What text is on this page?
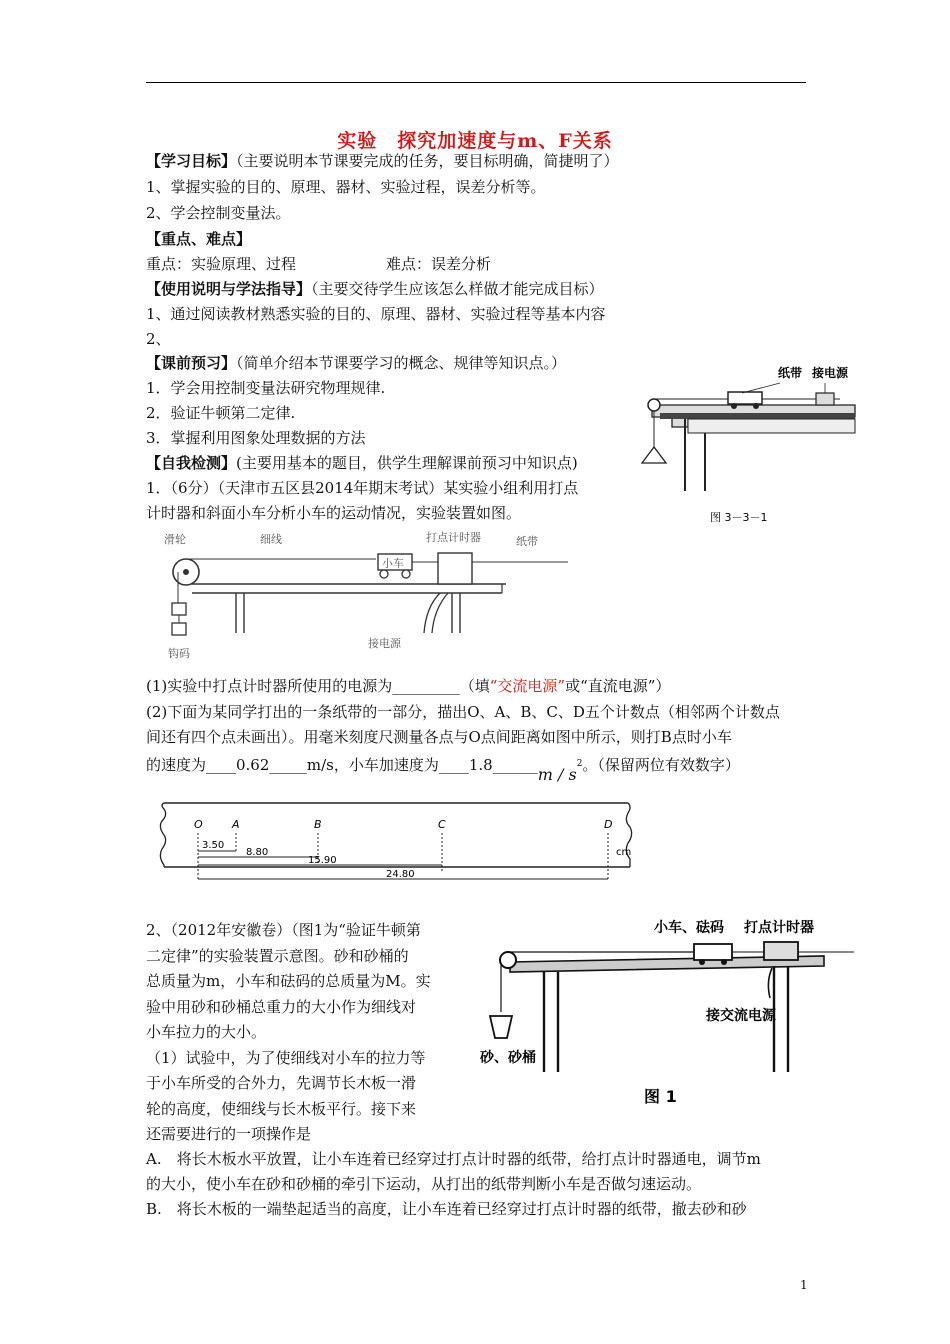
实验　探究加速度与m、F关系
【学习目标】（主要说明本节课要完成的任务，要目标明确，简捷明了）
1、掌握实验的目的、原理、器材、实验过程，误差分析等。
2、学会控制变量法。
【重点、难点】
重点：实验原理、过程	难点：误差分析
【使用说明与学法指导】（主要交待学生应该怎么样做才能完成目标）
1、通过阅读教材熟悉实验的目的、原理、器材、实验过程等基本内容
2、
【课前预习】（简单介绍本节课要学习的概念、规律等知识点。）
1．学会用控制变量法研究物理规律.
2．验证牛顿第二定律.
3．掌握利用图象处理数据的方法
【自我检测】(主要用基本的题目，供学生理解课前预习中知识点)
1．（6分）（天津市五区县2014年期末考试）某实验小组利用打点
计时器和斜面小车分析小车的运动情况，实验装置如图。
纸带 接电源
图 3－3－1
滑轮	细线
小车
打点计时器	纸带
接电源
钩码
(1)实验中打点计时器所使用的电源为_________（填“交流电源”或“直流电源”）
(2)下面为某同学打出的一条纸带的一部分，描出O、A、B、C、D五个计数点（相邻两个计数点
间还有四个点未画出）。用毫米刻度尺测量各点与O点间距离如图中所示，则打B点时小车
的速度为____0.62_____m/s，小车加速度为____1.8______m / $s^2$。（保留两位有效数字）
O	A	B	C	D
3.50
8.80
15.90
24.80
cm
2、（2012年安徽卷）（图1为“验证牛顿第
二定律”的实验装置示意图。砂和砂桶的
总质量为m，小车和砝码的总质量为M。实
验中用砂和砂桶总重力的大小作为细线对
小车拉力的大小。
（1）试验中，为了使细线对小车的拉力等
于小车所受的合外力，先调节长木板一滑
轮的高度，使细线与长木板平行。接下来
还需要进行的一项操作是
A.　将长木板水平放置，让小车连着已经穿过打点计时器的纸带，给打点计时器通电，调节m
的大小，使小车在砂和砂桶的牵引下运动，从打出的纸带判断小车是否做匀速运动。
B.　将长木板的一端垫起适当的高度，让小车连着已经穿过打点计时器的纸带，撤去砂和砂
小车、砝码 打点计时器
接交流电源
砂、砂桶
图 1
1
